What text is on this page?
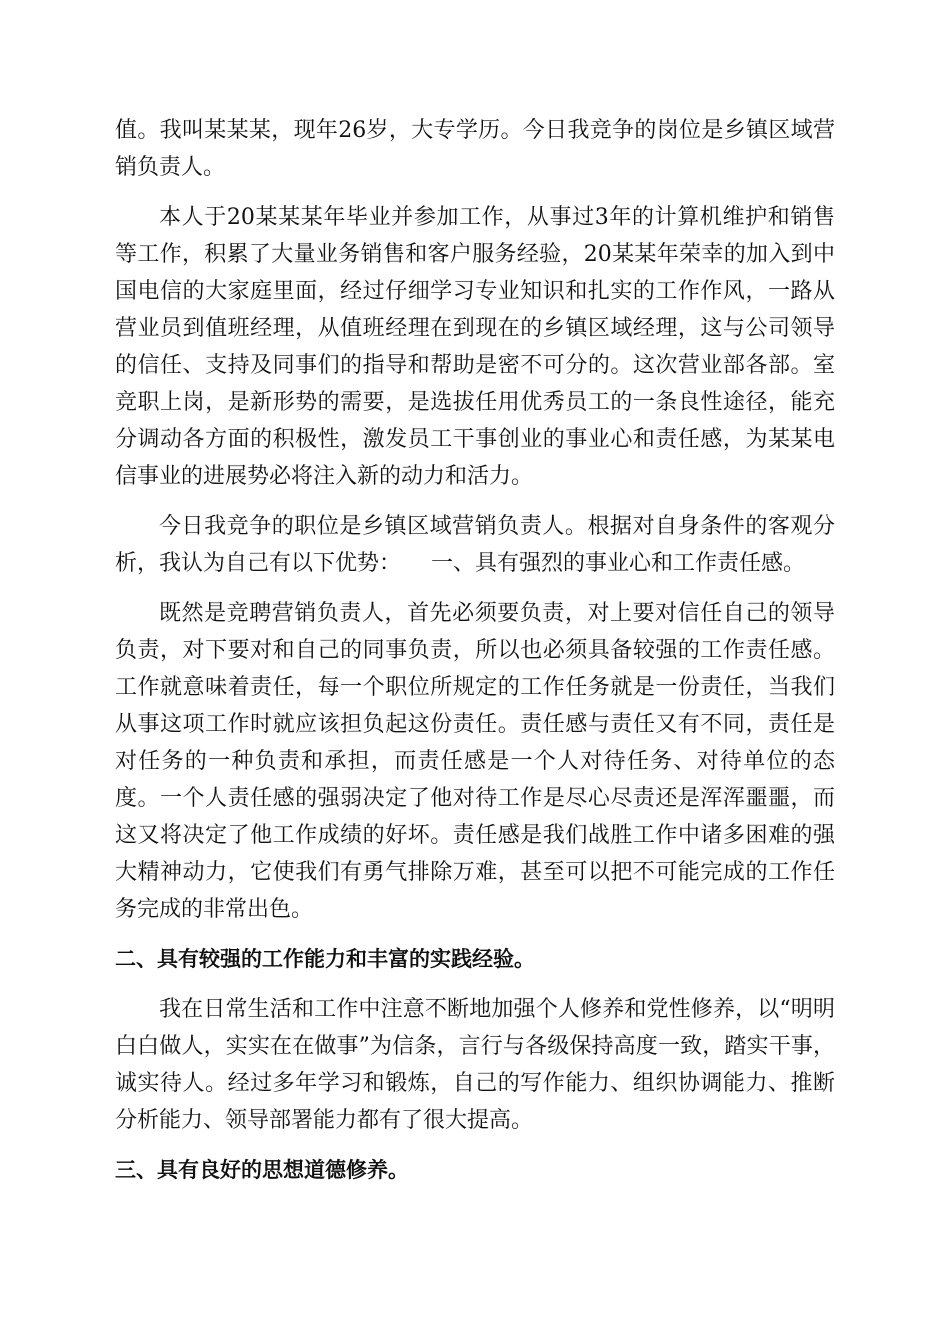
值。我叫某某某，现年26岁，大专学历。今日我竞争的岗位是乡镇区域营销负责人。

本人于20某某某年毕业并参加工作，从事过3年的计算机维护和销售等工作，积累了大量业务销售和客户服务经验，20某某年荣幸的加入到中国电信的大家庭里面，经过仔细学习专业知识和扎实的工作作风，一路从营业员到值班经理，从值班经理在到现在的乡镇区域经理，这与公司领导的信任、支持及同事们的指导和帮助是密不可分的。这次营业部各部。室竞职上岗，是新形势的需要，是选拔任用优秀员工的一条良性途径，能充分调动各方面的积极性，激发员工干事创业的事业心和责任感，为某某电信事业的进展势必将注入新的动力和活力。

今日我竞争的职位是乡镇区域营销负责人。根据对自身条件的客观分析，我认为自己有以下优势： 一、具有强烈的事业心和工作责任感。

既然是竞聘营销负责人，首先必须要负责，对上要对信任自己的领导负责，对下要对和自己的同事负责，所以也必须具备较强的工作责任感。工作就意味着责任，每一个职位所规定的工作任务就是一份责任，当我们从事这项工作时就应该担负起这份责任。责任感与责任又有不同，责任是对任务的一种负责和承担，而责任感是一个人对待任务、对待单位的态度。一个人责任感的强弱决定了他对待工作是尽心尽责还是浑浑噩噩，而这又将决定了他工作成绩的好坏。责任感是我们战胜工作中诸多困难的强大精神动力，它使我们有勇气排除万难，甚至可以把不可能完成的工作任务完成的非常出色。

二、具有较强的工作能力和丰富的实践经验。

我在日常生活和工作中注意不断地加强个人修养和党性修养，以“明明白白做人，实实在在做事”为信条，言行与各级保持高度一致，踏实干事，诚实待人。经过多年学习和锻炼，自己的写作能力、组织协调能力、推断分析能力、领导部署能力都有了很大提高。

三、具有良好的思想道德修养。
